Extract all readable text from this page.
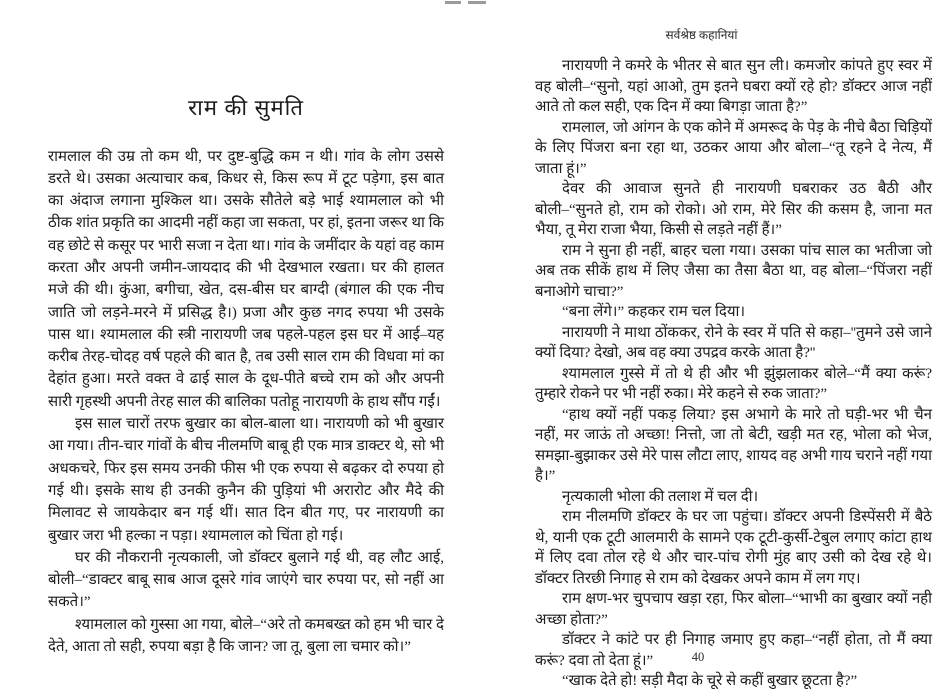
राम की सुमति

रामलाल की उम्र तो कम थी, पर दुष्ट-बुद्धि कम न थी। गांव के लोग उससे डरते थे। उसका अत्याचार कब, किधर से, किस रूप में टूट पड़ेगा, इस बात का अंदाज लगाना मुश्किल था। उसके सौतेले बड़े भाई श्यामलाल को भी ठीक शांत प्रकृति का आदमी नहीं कहा जा सकता, पर हां, इतना जरूर था कि वह छोटे से कसूर पर भारी सजा न देता था। गांव के जमींदार के यहां वह काम करता और अपनी जमीन-जायदाद की भी देखभाल रखता। घर की हालत मजे की थी। कुंआ, बगीचा, खेत, दस-बीस घर बाग्दी (बंगाल की एक नीच जाति जो लड़ने-मरने में प्रसिद्ध है।) प्रजा और कुछ नगद रुपया भी उसके पास था। श्यामलाल की स्त्री नारायणी जब पहले-पहल इस घर में आई–यह करीब तेरह-चोदह वर्ष पहले की बात है, तब उसी साल राम की विधवा मां का देहांत हुआ। मरते वक्त वे ढाई साल के दूध-पीते बच्चे राम को और अपनी सारी गृहस्थी अपनी तेरह साल की बालिका पतोहू नारायणी के हाथ सौंप गईं।

इस साल चारों तरफ बुखार का बोल-बाला था। नारायणी को भी बुखार आ गया। तीन-चार गांवों के बीच नीलमणि बाबू ही एक मात्र डाक्टर थे, सो भी अधकचरे, फिर इस समय उनकी फीस भी एक रुपया से बढ़कर दो रुपया हो गई थी। इसके साथ ही उनकी कुनैन की पुड़ियां भी अरारोट और मैदे की मिलावट से जायकेदार बन गई थीं। सात दिन बीत गए, पर नारायणी का बुखार जरा भी हल्का न पड़ा। श्यामलाल को चिंता हो गई।

घर की नौकरानी नृत्यकाली, जो डॉक्टर बुलाने गई थी, वह लौट आई, बोली–“डाक्टर बाबू साब आज दूसरे गांव जाएंगे चार रुपया पर, सो नहीं आ सकते।”

श्यामलाल को गुस्सा आ गया, बोले–“अरे तो कमबख्त को हम भी चार दे देते, आता तो सही, रुपया बड़ा है कि जान? जा तू, बुला ला चमार को।”

सर्वश्रेष्ठ कहानियां

नारायणी ने कमरे के भीतर से बात सुन ली। कमजोर कांपते हुए स्वर में वह बोली–“सुनो, यहां आओ, तुम इतने घबरा क्यों रहे हो? डॉक्टर आज नहीं आते तो कल सही, एक दिन में क्या बिगड़ा जाता है?”

रामलाल, जो आंगन के एक कोने में अमरूद के पेड़ के नीचे बैठा चिड़ियों के लिए पिंजरा बना रहा था, उठकर आया और बोला–“तू रहने दे नेत्य, मैं जाता हूं।”

देवर की आवाज सुनते ही नारायणी घबराकर उठ बैठी और बोली–“सुनते हो, राम को रोको। ओ राम, मेरे सिर की कसम है, जाना मत भैया, तू मेरा राजा भैया, किसी से लड़ते नहीं हैं।”

राम ने सुना ही नहीं, बाहर चला गया। उसका पांच साल का भतीजा जो अब तक सीकें हाथ में लिए जैसा का तैसा बैठा था, वह बोला–“पिंजरा नहीं बनाओगे चाचा?”

“बना लेंगे।” कहकर राम चल दिया।

नारायणी ने माथा ठोंककर, रोने के स्वर में पति से कहा–''तुमने उसे जाने क्यों दिया? देखो, अब वह क्या उपद्रव करके आता है?''

श्यामलाल गुस्से में तो थे ही और भी झुंझलाकर बोले–“मैं क्या करूं? तुम्हारे रोकने पर भी नहीं रुका। मेरे कहने से रुक जाता?”

“हाथ क्यों नहीं पकड़ लिया? इस अभागे के मारे तो घड़ी-भर भी चैन नहीं, मर जाऊं तो अच्छा! नित्तो, जा तो बेटी, खड़ी मत रह, भोला को भेज, समझा-बुझाकर उसे मेरे पास लौटा लाए, शायद वह अभी गाय चराने नहीं गया है।”

नृत्यकाली भोला की तलाश में चल दी।

राम नीलमणि डॉक्टर के घर जा पहुंचा। डॉक्टर अपनी डिस्पेंसरी में बैठे थे, यानी एक टूटी आलमारी के सामने एक टूटी-कुर्सी-टेबुल लगाए कांटा हाथ में लिए दवा तोल रहे थे और चार-पांच रोगी मुंह बाए उसी को देख रहे थे। डॉक्टर तिरछी निगाह से राम को देखकर अपने काम में लग गए।

राम क्षण-भर चुपचाप खड़ा रहा, फिर बोला–“भाभी का बुखार क्यों नही अच्छा होता?”

डॉक्टर ने कांटे पर ही निगाह जमाए हुए कहा–“नहीं होता, तो मैं क्या करूं? दवा तो देता हूं।”

“खाक देते हो! सड़ी मैदा के चूरे से कहीं बुखार छूटता है?”

40
